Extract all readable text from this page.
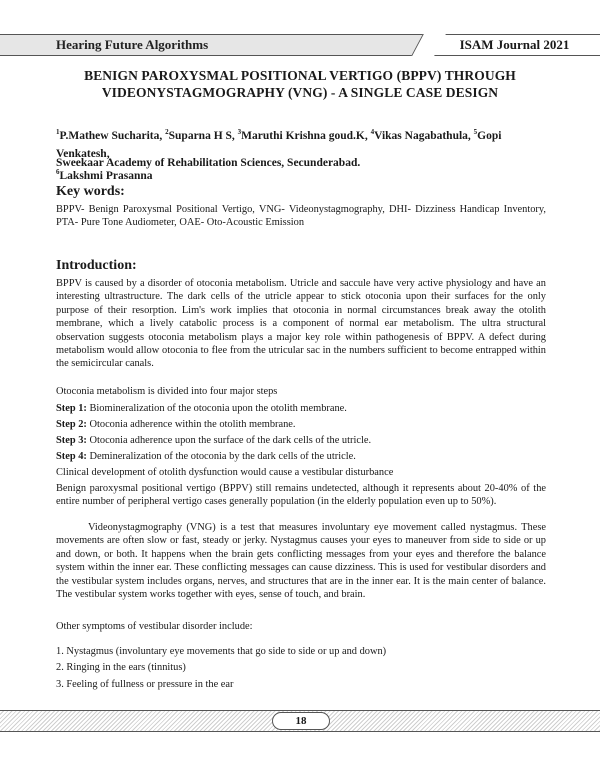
Hearing Future Algorithms	ISAM Journal 2021
BENIGN PAROXYSMAL POSITIONAL VERTIGO (BPPV) THROUGH
VIDEONYSTAGMOGRAPHY (VNG) - A SINGLE CASE DESIGN
$^1$P.Mathew Sucharita, $^2$Suparna H S, $^3$Maruthi Krishna goud.K, $^4$Vikas Nagabathula, $^5$Gopi Venkatesh,
$^6$Lakshmi Prasanna
Sweekaar Academy of Rehabilitation Sciences, Secunderabad.
Key words:

BPPV- Benign Paroxysmal Positional Vertigo, VNG- Videonystagmography, DHI- Dizziness Handicap Inventory, PTA- Pure Tone Audiometer, OAE- Oto-Acoustic Emission

Introduction:

BPPV is caused by a disorder of otoconia metabolism. Utricle and saccule have very active physiology and have an interesting ultrastructure. The dark cells of the utricle appear to stick otoconia upon their surfaces for the only purpose of their resorption. Lim's work implies that otoconia in normal circumstances break away the otolith membrane, which a lively catabolic process is a component of normal ear metabolism. The ultra structural observation suggests otoconia metabolism plays a major key role within pathogenesis of BPPV. A defect during metabolism would allow otoconia to flee from the utricular sac in the numbers sufficient to become entrapped within the semicircular canals.

Otoconia metabolism is divided into four major steps

Step 1: Biomineralization of the otoconia upon the otolith membrane.

Step 2: Otoconia adherence within the otolith membrane.

Step 3: Otoconia adherence upon the surface of the dark cells of the utricle.

Step 4: Demineralization of the otoconia by the dark cells of the utricle.

Clinical development of otolith dysfunction would cause a vestibular disturbance

Benign paroxysmal positional vertigo (BPPV) still remains undetected, although it represents about 20-40% of the entire number of peripheral vertigo cases generally population (in the elderly population even up to 50%).

Videonystagmography (VNG) is a test that measures involuntary eye movement called nystagmus. These movements are often slow or fast, steady or jerky. Nystagmus causes your eyes to maneuver from side to side or up and down, or both. It happens when the brain gets conflicting messages from your eyes and therefore the balance system within the inner ear. These conflicting messages can cause dizziness. This is used for vestibular disorders and the vestibular system includes organs, nerves, and structures that are in the inner ear. It is the main center of balance. The vestibular system works together with eyes, sense of touch, and brain.

Other symptoms of vestibular disorder include:

1. Nystagmus (involuntary eye movements that go side to side or up and down)

2. Ringing in the ears (tinnitus)

3. Feeling of fullness or pressure in the ear

18
